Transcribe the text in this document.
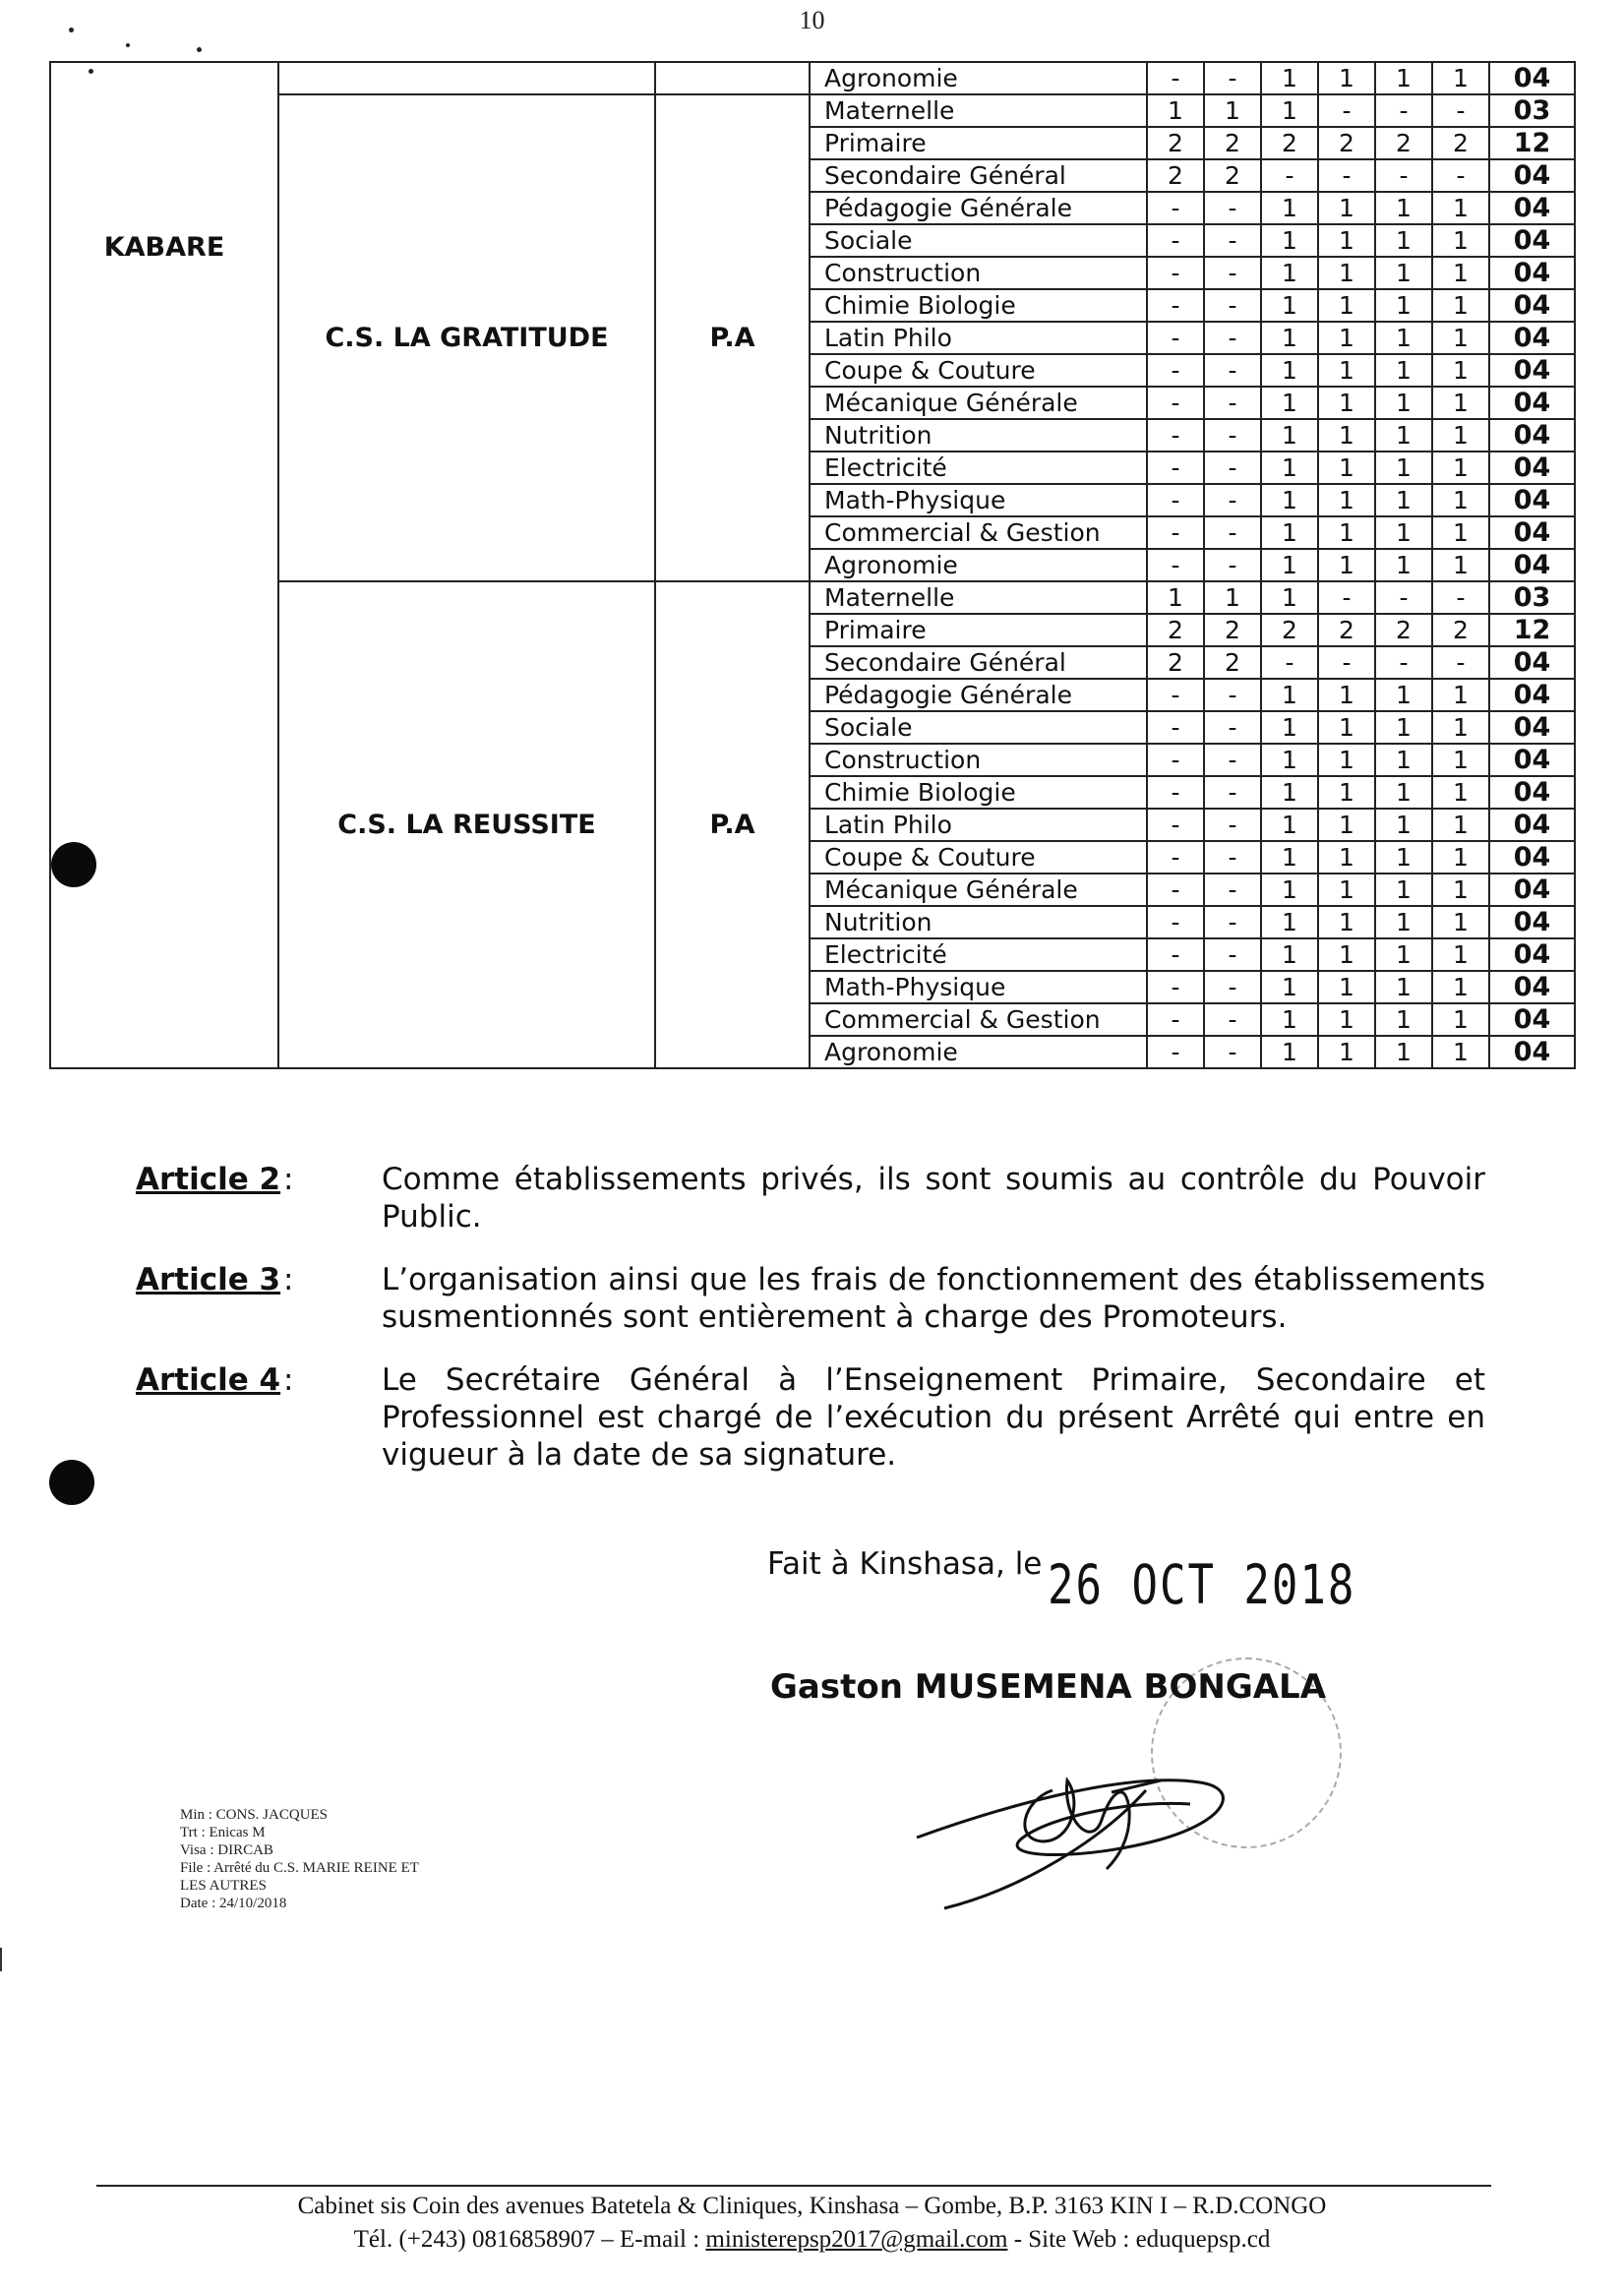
10
KABARE			Agronomie	-	-	1	1	1	1	04
	C.S. LA GRATITUDE	P.A	Maternelle	1	1	1	-	-	-	03
			Primaire	2	2	2	2	2	2	12
			Secondaire Général	2	2	-	-	-	-	04
			Pédagogie Générale	-	-	1	1	1	1	04
			Sociale	-	-	1	1	1	1	04
			Construction	-	-	1	1	1	1	04
			Chimie Biologie	-	-	1	1	1	1	04
			Latin Philo	-	-	1	1	1	1	04
			Coupe & Couture	-	-	1	1	1	1	04
			Mécanique Générale	-	-	1	1	1	1	04
			Nutrition	-	-	1	1	1	1	04
			Electricité	-	-	1	1	1	1	04
			Math-Physique	-	-	1	1	1	1	04
			Commercial & Gestion	-	-	1	1	1	1	04
			Agronomie	-	-	1	1	1	1	04
	C.S. LA REUSSITE	P.A	Maternelle	1	1	1	-	-	-	03
			Primaire	2	2	2	2	2	2	12
			Secondaire Général	2	2	-	-	-	-	04
			Pédagogie Générale	-	-	1	1	1	1	04
			Sociale	-	-	1	1	1	1	04
			Construction	-	-	1	1	1	1	04
			Chimie Biologie	-	-	1	1	1	1	04
			Latin Philo	-	-	1	1	1	1	04
			Coupe & Couture	-	-	1	1	1	1	04
			Mécanique Générale	-	-	1	1	1	1	04
			Nutrition	-	-	1	1	1	1	04
			Electricité	-	-	1	1	1	1	04
			Math-Physique	-	-	1	1	1	1	04
			Commercial & Gestion	-	-	1	1	1	1	04
			Agronomie	-	-	1	1	1	1	04
Article 2 :	Comme établissements privés, ils sont soumis au contrôle du Pouvoir Public.
Article 3 :	L’organisation ainsi que les frais de fonctionnement des établissements susmentionnés sont entièrement à charge des Promoteurs.
Article 4 :	Le Secrétaire Général à l’Enseignement Primaire, Secondaire et Professionnel est chargé de l’exécution du présent Arrêté qui entre en vigueur à la date de sa signature.
Fait à Kinshasa, le 26 OCT 2018
Gaston MUSEMENA BONGALA
Min : CONS. JACQUES
Trt : Enicas M
Visa : DIRCAB
File : Arrêté du C.S. MARIE REINE ET
LES AUTRES
Date : 24/10/2018
Cabinet sis Coin des avenues Batetela & Cliniques, Kinshasa – Gombe, B.P. 3163 KIN I – R.D.CONGO
Tél. (+243) 0816858907 – E-mail : ministerepsp2017@gmail.com - Site Web : eduquepsp.cd
